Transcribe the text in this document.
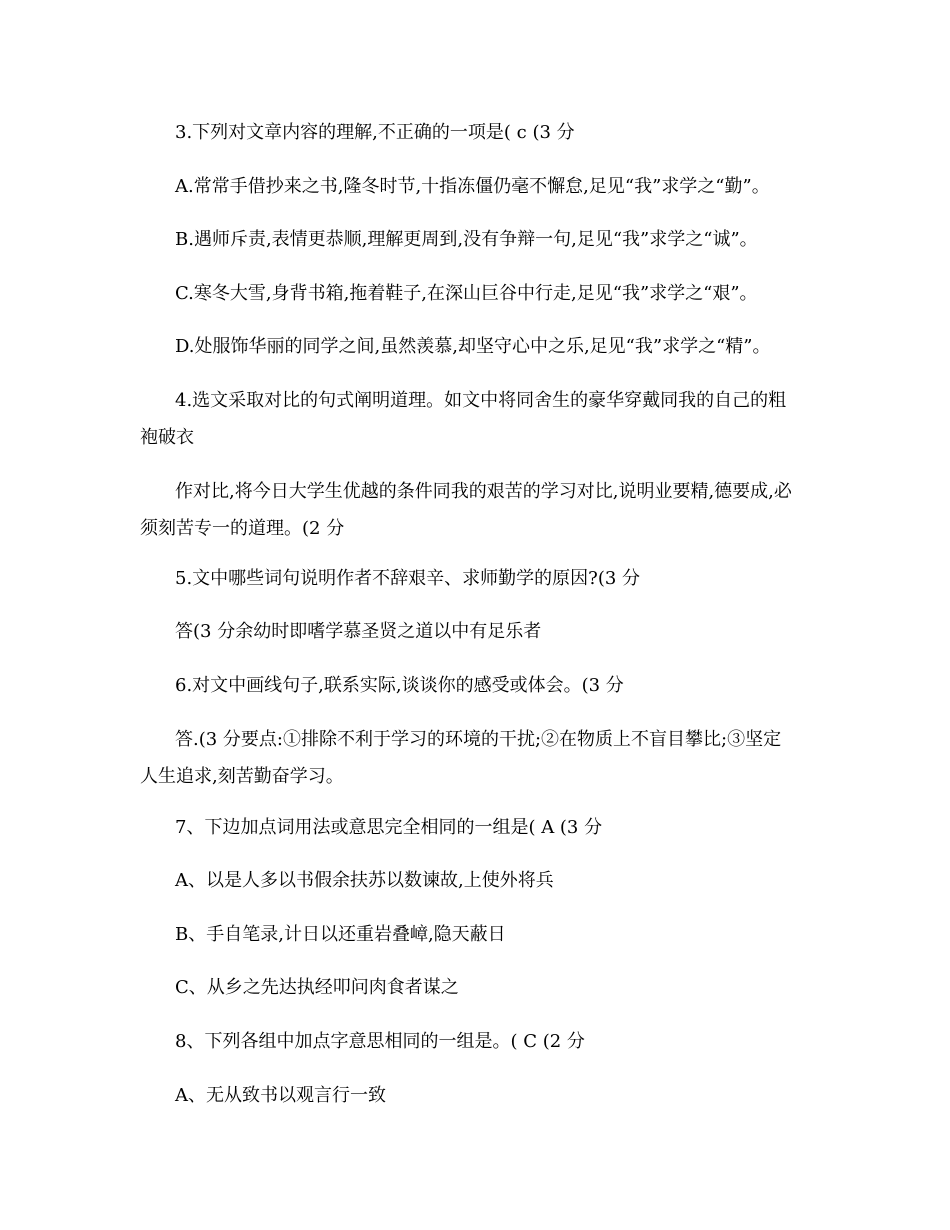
3.下列对文章内容的理解,不正确的一项是( c (3 分
A.常常手借抄来之书,隆冬时节,十指冻僵仍毫不懈怠,足见“我”求学之“勤”。
B.遇师斥责,表情更恭顺,理解更周到,没有争辩一句,足见“我”求学之“诚”。
C.寒冬大雪,身背书箱,拖着鞋子,在深山巨谷中行走,足见“我”求学之“艰”。
D.处服饰华丽的同学之间,虽然羡慕,却坚守心中之乐,足见“我”求学之“精”。
4.选文采取对比的句式阐明道理。如文中将同舍生的豪华穿戴同我的自己的粗
袍破衣
作对比,将今日大学生优越的条件同我的艰苦的学习对比,说明业要精,德要成,必
须刻苦专一的道理。(2 分
5.文中哪些词句说明作者不辞艰辛、求师勤学的原因?(3 分
答(3 分余幼时即嗜学慕圣贤之道以中有足乐者
6.对文中画线句子,联系实际,谈谈你的感受或体会。(3 分
答.(3 分要点:①排除不利于学习的环境的干扰;②在物质上不盲目攀比;③坚定
人生追求,刻苦勤奋学习。
7、下边加点词用法或意思完全相同的一组是( A (3 分
A、以是人多以书假余扶苏以数谏故,上使外将兵
B、手自笔录,计日以还重岩叠嶂,隐天蔽日
C、从乡之先达执经叩问肉食者谋之
8、下列各组中加点字意思相同的一组是。( C (2 分
A、无从致书以观言行一致
